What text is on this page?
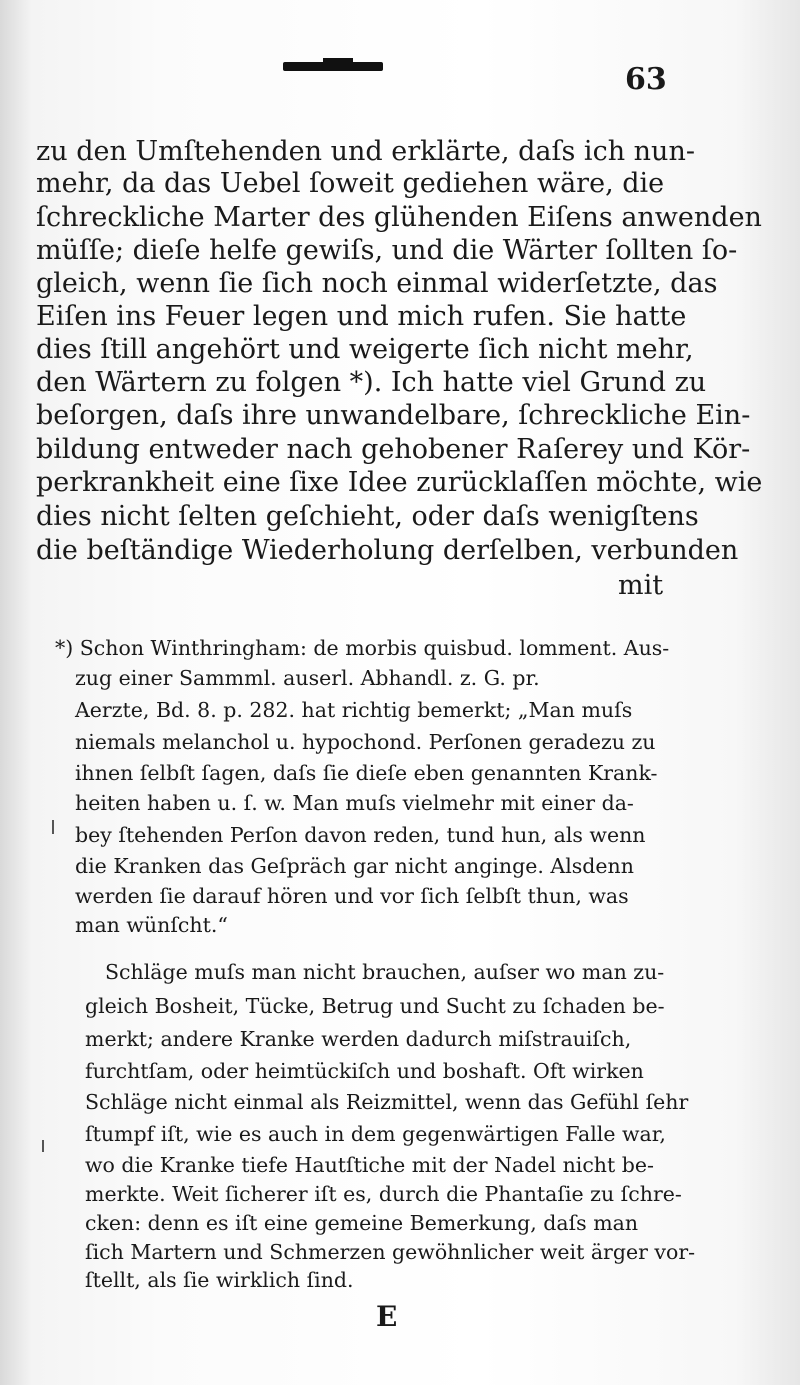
63
zu den Umſtehenden und erklärte, daſs ich nun-
mehr, da das Uebel ſoweit gediehen wäre, die
ſchreckliche Marter des glühenden Eiſens anwenden
müſſe; dieſe helfe gewiſs, und die Wärter ſollten ſo-
gleich, wenn ſie ſich noch einmal widerſetzte, das
Eiſen ins Feuer legen und mich rufen. Sie hatte
dies ſtill angehört und weigerte ſich nicht mehr,
den Wärtern zu folgen *). Ich hatte viel Grund zu
beſorgen, daſs ihre unwandelbare, ſchreckliche Ein-
bildung entweder nach gehobener Raſerey und Kör-
perkrankheit eine ſixe Idee zurücklaſſen möchte, wie
dies nicht ſelten geſchieht, oder daſs wenigſtens
die beſtändige Wiederholung derſelben, verbunden
mit
*) Schon Winthringham: de morbis quisbud. lomment. Aus-
zug einer Sammml. auserl. Abhandl. z. G. pr.
Aerzte, Bd. 8. p. 282. hat richtig bemerkt; „Man muſs
niemals melanchol u. hypochond. Perſonen geradezu zu
ihnen ſelbſt ſagen, daſs ſie dieſe eben genannten Krank-
heiten haben u. ſ. w. Man muſs vielmehr mit einer da-
bey ſtehenden Perſon davon reden, tund hun, als wenn
die Kranken das Geſpräch gar nicht anginge. Alsdenn
werden ſie darauf hören und vor ſich ſelbſt thun, was
man wünſcht.“
Schläge muſs man nicht brauchen, auſser wo man zu-
gleich Bosheit, Tücke, Betrug und Sucht zu ſchaden be-
merkt; andere Kranke werden dadurch miſstrauiſch,
furchtſam, oder heimtückiſch und boshaft. Oft wirken
Schläge nicht einmal als Reizmittel, wenn das Gefühl ſehr
ſtumpf iſt, wie es auch in dem gegenwärtigen Falle war,
wo die Kranke tiefe Hautſtiche mit der Nadel nicht be-
merkte. Weit ſicherer iſt es, durch die Phantaſie zu ſchre-
cken: denn es iſt eine gemeine Bemerkung, daſs man
ſich Martern und Schmerzen gewöhnlicher weit ärger vor-
ſtellt, als ſie wirklich ſind.
E
